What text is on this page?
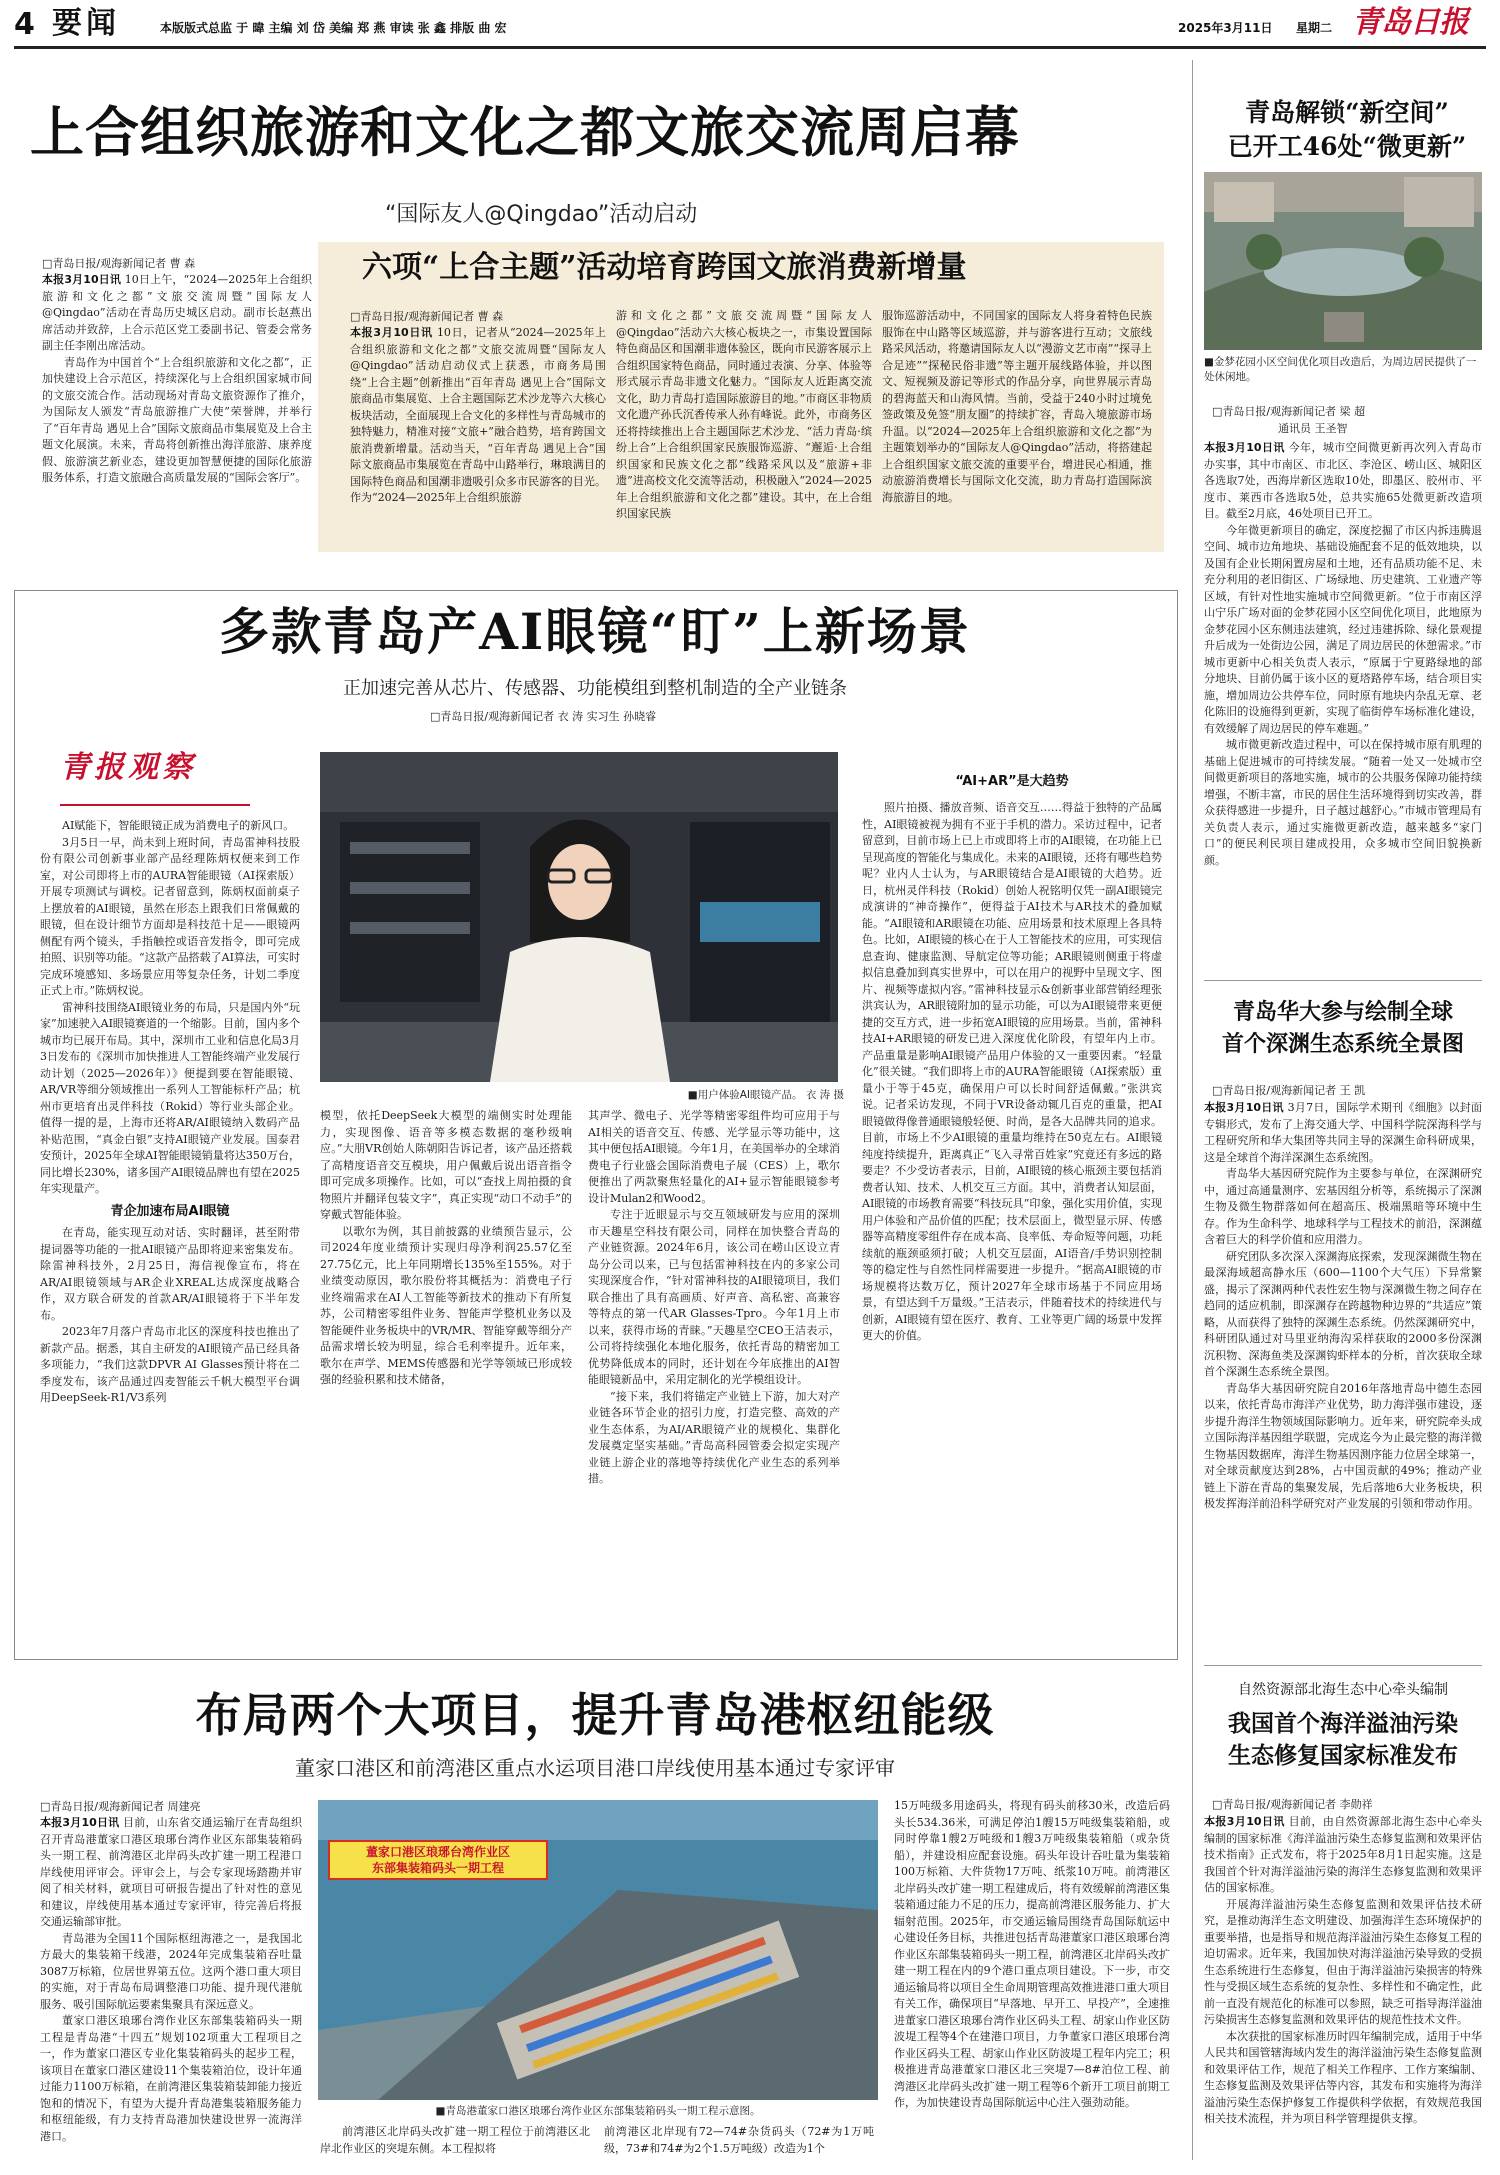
4 要闻	本版版式总监 于 暐 主编 刘 岱 美编 郑 燕 审读 张 鑫 排版 曲 宏	2025年3月11日 星期二 青岛日报
上合组织旅游和文化之都文旅交流周启幕
“国际友人@Qingdao”活动启动
□青岛日报/观海新闻记者 曹 森

本报3月10日讯 10日上午，“2024—2025年上合组织旅游和文化之都”文旅交流周暨“国际友人@Qingdao”活动在青岛历史城区启动。副市长赵燕出席活动并致辞，上合示范区党工委副书记、管委会常务副主任李刚出席活动。

青岛作为中国首个“上合组织旅游和文化之都”，正加快建设上合示范区，持续深化与上合组织国家城市间的文旅交流合作。活动现场对青岛文旅资源作了推介，为国际友人颁发“青岛旅游推广大使”荣誉牌，并举行了“百年青岛 遇见上合”国际文旅商品市集展览及上合主题文化展演。未来，青岛将创新推出海洋旅游、康养度假、旅游演艺新业态，建设更加智慧便捷的国际化旅游服务体系，打造文旅融合高质量发展的“国际会客厅”。

六项“上合主题”活动培育跨国文旅消费新增量
□青岛日报/观海新闻记者 曹 森

本报3月10日讯 10日，记者从“2024—2025年上合组织旅游和文化之都”文旅交流周暨“国际友人@Qingdao”活动启动仪式上获悉，市商务局围绕“上合主题”创新推出“百年青岛 遇见上合”国际文旅商品市集展览、上合主题国际艺术沙龙等六大核心板块活动，全面展现上合文化的多样性与青岛城市的独特魅力，精准对接“文旅+”融合趋势，培育跨国文旅消费新增量。活动当天，“百年青岛 遇见上合”国际文旅商品市集展览在青岛中山路举行，琳琅满目的国际特色商品和国潮非遗吸引众多市民游客的目光。作为“2024—2025年上合组织旅游

游和文化之都”文旅交流周暨“国际友人@Qingdao”活动六大核心板块之一，市集设置国际特色商品区和国潮非遗体验区，既向市民游客展示上合组织国家特色商品，同时通过表演、分享、体验等形式展示青岛非遗文化魅力。“国际友人近距离交流文化，助力青岛打造国际旅游目的地。”市商区非物质文化遗产孙氏沉香传承人孙有峰说。此外，市商务区还将持续推出上合主题国际艺术沙龙、“活力青岛·缤纷上合”上合组织国家民族服饰巡游、“邂逅·上合组织国家和民族文化之都”线路采风以及“旅游+非遗”进高校文化交流等活动，积极融入“2024—2025年上合组织旅游和文化之都”建设。其中，在上合组织国家民族

服饰巡游活动中，不同国家的国际友人将身着特色民族服饰在中山路等区域巡游，并与游客进行互动；文旅线路采风活动，将邀请国际友人以“漫游文艺市南”“探寻上合足迹”“探秘民俗非遗”等主题开展线路体验，并以图文、短视频及游记等形式的作品分享，向世界展示青岛的碧海蓝天和山海风情。当前，受益于240小时过境免签政策及免签“朋友圈”的持续扩容，青岛入境旅游市场升温。以“2024—2025年上合组织旅游和文化之都”为主题策划举办的“国际友人@Qingdao”活动，将搭建起上合组织国家文旅交流的重要平台，增进民心相通，推动旅游消费增长与国际文化交流，助力青岛打造国际滨海旅游目的地。

青岛解锁“新空间”
已开工46处“微更新”
■金梦花园小区空间优化项目改造后，为周边居民提供了一处休闲地。
□青岛日报/观海新闻记者 梁 超
通讯员 王圣智

本报3月10日讯 今年，城市空间微更新再次列入青岛市办实事，其中市南区、市北区、李沧区、崂山区、城阳区各选取7处，西海岸新区选取10处，即墨区、胶州市、平度市、莱西市各选取5处，总共实施65处微更新改造项目。截至2月底，46处项目已开工。

今年微更新项目的确定，深度挖掘了市区内拆违腾退空间、城市边角地块、基础设施配套不足的低效地块，以及国有企业长期闲置房屋和土地，还有品质功能不足、未充分利用的老旧街区、广场绿地、历史建筑、工业遗产等区域，有针对性地实施城市空间微更新。“位于市南区浮山宁乐广场对面的金梦花园小区空间优化项目，此地原为金梦花园小区东侧违法建筑，经过违建拆除、绿化景观提升后成为一处街边公园，满足了周边居民的休憩需求。”市城市更新中心相关负责人表示，“原属于宁夏路绿地的部分地块、目前仍属于该小区的夏塔路停车场，结合项目实施，增加周边公共停车位，同时原有地块内杂乱无章、老化陈旧的设施得到更新，实现了临街停车场标准化建设，有效缓解了周边居民的停车难题。”

城市微更新改造过程中，可以在保持城市原有肌理的基础上促进城市的可持续发展。“随着一处又一处城市空间微更新项目的落地实施，城市的公共服务保障功能持续增强，不断丰富，市民的居住生活环境得到切实改善，群众获得感进一步提升，日子越过越舒心。”市城市管理局有关负责人表示，通过实施微更新改造，越来越多“家门口”的便民利民项目建成投用，众多城市空间旧貌换新颜。

青岛华大参与绘制全球
首个深渊生态系统全景图
□青岛日报/观海新闻记者 王 凯

本报3月10日讯 3月7日，国际学术期刊《细胞》以封面专辑形式，发布了上海交通大学、中国科学院深海科学与工程研究所和华大集团等共同主导的深渊生命科研成果，这是全球首个海洋深渊生态系统图。

青岛华大基因研究院作为主要参与单位，在深渊研究中，通过高通量测序、宏基因组分析等，系统揭示了深渊生物及微生物群落如何在超高压、极端黑暗等环境中生存。作为生命科学、地球科学与工程技术的前沿，深渊蕴含着巨大的科学价值和应用潜力。

研究团队多次深入深渊海底探索，发现深渊微生物在最深海域超高静水压（600—1100个大气压）下异常繁盛，揭示了深渊两种代表性宏生物与深渊微生物之间存在趋同的适应机制，即深渊存在跨越物种边界的“共适应”策略，从而获得了独特的深渊生态系统。仍然深渊研究中，科研团队通过对马里亚纳海沟采样获取的2000多份深渊沉积物、深海鱼类及深渊钩虾样本的分析，首次获取全球首个深渊生态系统全景图。

青岛华大基因研究院自2016年落地青岛中德生态园以来，依托青岛市海洋产业优势，助力海洋强市建设，逐步提升海洋生物领域国际影响力。近年来，研究院牵头成立国际海洋基因组学联盟，完成迄今为止最完整的海洋微生物基因数据库，海洋生物基因测序能力位居全球第一，对全球贡献度达到28%，占中国贡献的49%；推动产业链上下游在青岛的集聚发展，先后落地6大业务板块，积极发挥海洋前沿科学研究对产业发展的引领和带动作用。

多款青岛产AI眼镜“盯”上新场景
正加速完善从芯片、传感器、功能模组到整机制造的全产业链条
□青岛日报/观海新闻记者 衣 涛 实习生 孙晓睿
青报观察

AI赋能下，智能眼镜正成为消费电子的新风口。

3月5日一早，尚未到上班时间，青岛雷神科技股份有限公司创新事业部产品经理陈炳权便来到工作室，对公司即将上市的AURA智能眼镜（AI探索版）开展专项测试与调校。记者留意到，陈炳权面前桌子上摆放着的AI眼镜，虽然在形态上跟我们日常佩戴的眼镜，但在设计细节方面却是科技范十足——眼镜两侧配有两个镜头，手指触控或语音发指令，即可完成拍照、识别等功能。“这款产品搭载了AI算法，可实时完成环境感知、多场景应用等复杂任务，计划二季度正式上市。”陈炳权说。

雷神科技围绕AI眼镜业务的布局，只是国内外“玩家”加速驶入AI眼镜赛道的一个缩影。目前，国内多个城市均已展开布局。其中，深圳市工业和信息化局3月3日发布的《深圳市加快推进人工智能终端产业发展行动计划（2025—2026年）》便提到要在智能眼镜、AR/VR等细分领域推出一系列人工智能标杆产品；杭州市更培育出灵伴科技（Rokid）等行业头部企业。值得一提的是，上海市还将AR/AI眼镜纳入数码产品补贴范围，“真金白银”支持AI眼镜产业发展。国泰君安预计，2025年全球AI智能眼镜销量将达350万台，同比增长230%，诸多国产AI眼镜品牌也有望在2025年实现量产。

青企加速布局AI眼镜

在青岛，能实现互动对话、实时翻译，甚至附带提词器等功能的一批AI眼镜产品即将迎来密集发布。除雷神科技外，2月25日，海信视像宣布，将在AR/AI眼镜领域与AR企业XREAL达成深度战略合作，双方联合研发的首款AR/AI眼镜将于下半年发布。

2023年7月落户青岛市北区的深度科技也推出了新款产品。据悉，其自主研发的AI眼镜产品已经具备多项能力，“我们这款DPVR AI Glasses预计将在二季度发布，该产品通过四麦智能云千帆大模型平台调用DeepSeek-R1/V3系列

■用户体验AI眼镜产品。 衣 涛 摄

模型，依托DeepSeek大模型的端侧实时处理能力，实现图像、语音等多模态数据的毫秒级响应。”大朋VR创始人陈朝阳告诉记者，该产品还搭载了高精度语音交互模块，用户佩戴后说出语音指令即可完成多项操作。比如，可以“查找上周拍摄的食物照片并翻译包装文字”，真正实现“动口不动手”的穿戴式智能体验。

以歌尔为例，其目前披露的业绩预告显示，公司2024年度业绩预计实现归母净利润25.57亿至27.75亿元，比上年同期增长135%至155%。对于业绩变动原因，歌尔股份将其概括为：消费电子行业终端需求在AI人工智能等新技术的推动下有所复苏，公司精密零组件业务、智能声学整机业务以及智能硬件业务板块中的VR/MR、智能穿戴等细分产品需求增长较为明显，综合毛利率提升。近年来，歌尔在声学、MEMS传感器和光学等领域已形成较强的经验积累和技术储备，

其声学、微电子、光学等精密零组件均可应用于与AI相关的语音交互、传感、光学显示等功能中，这其中便包括AI眼镜。今年1月，在美国举办的全球消费电子行业盛会国际消费电子展（CES）上，歌尔便推出了两款聚焦轻量化的AI+显示智能眼镜参考设计Mulan2和Wood2。

专注于近眼显示与交互领域研发与应用的深圳市天趣星空科技有限公司，同样在加快整合青岛的产业链资源。2024年6月，该公司在崂山区设立青岛分公司以来，已与包括雷神科技在内的多家公司实现深度合作，“针对雷神科技的AI眼镜项目，我们联合推出了具有高画质、好声音、高私密、高兼容等特点的第一代AR Glasses-Tpro。今年1月上市以来，获得市场的青睐。”天趣星空CEO王洁表示，公司将持续强化本地化服务，依托青岛的精密加工优势降低成本的同时，还计划在今年底推出的AI智能眼镜新品中，采用定制化的光学模组设计。

“接下来，我们将锚定产业链上下游，加大对产业链各环节企业的招引力度，打造完整、高效的产业生态体系，为AI/AR眼镜产业的规模化、集群化发展奠定坚实基础。”青岛高科园管委会拟定实现产业链上游企业的落地等持续优化产业生态的系列举措。

“AI+AR”是大趋势

照片拍摄、播放音频、语音交互……得益于独特的产品属性，AI眼镜被视为拥有不亚于手机的潜力。采访过程中，记者留意到，目前市场上已上市或即将上市的AI眼镜，在功能上已呈现高度的智能化与集成化。未来的AI眼镜，还将有哪些趋势呢？业内人士认为，与AR眼镜结合是AI眼镜的大趋势。近日，杭州灵伴科技（Rokid）创始人祝铭明仅凭一副AI眼镜完成演讲的“神奇操作”，便得益于AI技术与AR技术的叠加赋能。“AI眼镜和AR眼镜在功能、应用场景和技术原理上各具特色。比如，AI眼镜的核心在于人工智能技术的应用，可实现信息查询、健康监测、导航定位等功能；AR眼镜则侧重于将虚拟信息叠加到真实世界中，可以在用户的视野中呈现文字、图片、视频等虚拟内容。”雷神科技显示&创新事业部营销经理张洪宾认为，AR眼镜附加的显示功能，可以为AI眼镜带来更便捷的交互方式，进一步拓宽AI眼镜的应用场景。当前，雷神科技AI+AR眼镜的研发已进入深度优化阶段，有望年内上市。产品重量是影响AI眼镜产品用户体验的又一重要因素。“轻量化”很关键。“我们即将上市的AURA智能眼镜（AI探索版）重量小于等于45克，确保用户可以长时间舒适佩戴。”张洪宾说。记者采访发现，不同于VR设备动辄几百克的重量，把AI眼镜做得像普通眼镜般轻便、时尚，是各大品牌共同的追求。目前，市场上不少AI眼镜的重量均维持在50克左右。AI眼镜纯度持续提升，距离真正“飞入寻常百姓家”究竟还有多远的路要走？不少受访者表示，目前，AI眼镜的核心瓶颈主要包括消费者认知、技术、人机交互三方面。其中，消费者认知层面，AI眼镜的市场教育需要“科技玩具”印象，强化实用价值，实现用户体验和产品价值的匹配；技术层面上，微型显示屏、传感器等高精度零组件存在成本高、良率低、寿命短等问题，功耗续航的瓶颈亟须打破；人机交互层面，AI语音/手势识别控制等的稳定性与自然性同样需要进一步提升。“据高AI眼镜的市场规模将达数万亿，预计2027年全球市场基于不同应用场景，有望达到千万量级。”王洁表示，伴随着技术的持续进代与创新，AI眼镜有望在医疗、教育、工业等更广阔的场景中发挥更大的价值。

布局两个大项目，提升青岛港枢纽能级
董家口港区和前湾港区重点水运项目港口岸线使用基本通过专家评审
□青岛日报/观海新闻记者 周建亮

本报3月10日讯 目前，山东省交通运输厅在青岛组织召开青岛港董家口港区琅琊台湾作业区东部集装箱码头一期工程、前湾港区北岸码头改扩建一期工程港口岸线使用评审会。评审会上，与会专家现场踏勘并审阅了相关材料，就项目可研报告提出了针对性的意见和建议，岸线使用基本通过专家评审，待完善后将报交通运输部审批。

青岛港为全国11个国际枢纽海港之一，是我国北方最大的集装箱干线港，2024年完成集装箱吞吐量3087万标箱，位居世界第五位。这两个港口重大项目的实施，对于青岛布局调整港口功能、提升现代港航服务、吸引国际航运要素集聚具有深远意义。

董家口港区琅琊台湾作业区东部集装箱码头一期工程是青岛港“十四五”规划102项重大工程项目之一，作为董家口港区专业化集装箱码头的起步工程，该项目在董家口港区建设11个集装箱泊位，设计年通过能力1100万标箱，在前湾港区集装箱装卸能力接近饱和的情况下，有望为大提升青岛港集装箱服务能力和枢纽能级，有力支持青岛港加快建设世界一流海洋港口。

董家口港区琅琊台湾作业区
东部集装箱码头一期工程
■青岛港董家口港区琅琊台湾作业区东部集装箱码头一期工程示意图。

前湾港区北岸码头改扩建一期工程位于前湾港区北岸北作业区的突堤东侧。本工程拟将

前湾港区北岸现有72—74#杂货码头（72#为1万吨级，73#和74#为2个1.5万吨级）改造为1个

15万吨级多用途码头，将现有码头前移30米，改造后码头长534.36米，可满足停泊1艘15万吨级集装箱船，或同时停靠1艘2万吨级和1艘3万吨级集装箱船（或杂货船），并建设相应配套设施。码头年设计吞吐量为集装箱100万标箱、大件货物17万吨、纸浆10万吨。前湾港区北岸码头改扩建一期工程建成后，将有效缓解前湾港区集装箱通过能力不足的压力，提高前湾港区服务能力、扩大辐射范围。2025年，市交通运输局围绕青岛国际航运中心建设任务目标，共推进包括青岛港董家口港区琅琊台湾作业区东部集装箱码头一期工程，前湾港区北岸码头改扩建一期工程在内的9个港口重点项目建设。下一步，市交通运输局将以项目全生命周期管理高效推进港口重大项目有关工作，确保项目“早落地、早开工、早投产”，全速推进董家口港区琅琊台湾作业区码头工程、胡家山作业区防波堤工程等4个在建港口项目，力争董家口港区琅琊台湾作业区码头工程、胡家山作业区防波堤工程年内完工；积极推进青岛港董家口港区北三突堤7—8#泊位工程、前湾港区北岸码头改扩建一期工程等6个新开工项目前期工作，为加快建设青岛国际航运中心注入强劲动能。

自然资源部北海生态中心牵头编制
我国首个海洋溢油污染
生态修复国家标准发布
□青岛日报/观海新闻记者 李勋祥

本报3月10日讯 目前，由自然资源部北海生态中心牵头编制的国家标准《海洋溢油污染生态修复监测和效果评估技术指南》正式发布，将于2025年8月1日起实施。这是我国首个针对海洋溢油污染的海洋生态修复监测和效果评估的国家标准。

开展海洋溢油污染生态修复监测和效果评估技术研究，是推动海洋生态文明建设、加强海洋生态环境保护的重要举措，也是指导和规范海洋溢油污染生态修复工程的迫切需求。近年来，我国加快对海洋溢油污染导致的受损生态系统进行生态修复，但由于海洋溢油污染损害的特殊性与受损区域生态系统的复杂性、多样性和不确定性，此前一直没有规范化的标准可以参照，缺乏可指导海洋溢油污染损害生态修复监测和效果评估的规范性技术文件。

本次获批的国家标准历时四年编制完成，适用于中华人民共和国管辖海域内发生的海洋溢油污染生态修复监测和效果评估工作，规范了相关工作程序、工作方案编制、生态修复监测及效果评估等内容，其发布和实施将为海洋溢油污染生态保护修复工作提供科学依据，有效规范我国相关技术流程，并为项目科学管理提供支撑。
